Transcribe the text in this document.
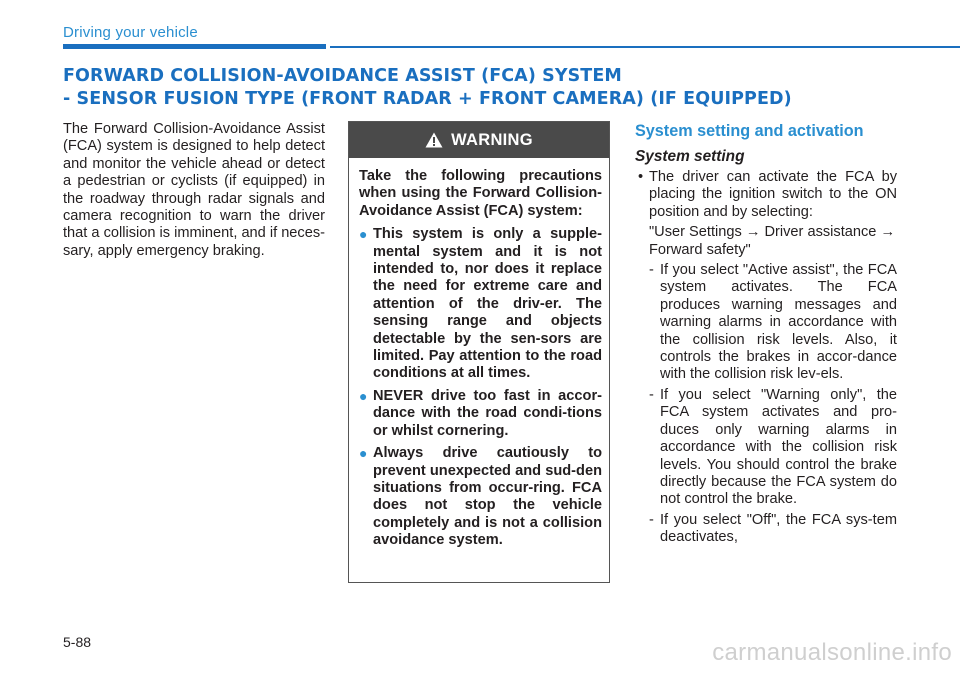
Driving your vehicle
FORWARD COLLISION-AVOIDANCE ASSIST (FCA) SYSTEM
- SENSOR FUSION TYPE (FRONT RADAR + FRONT CAMERA) (IF EQUIPPED)

The Forward Collision-Avoidance Assist (FCA) system is designed to help detect and monitor the vehicle ahead or detect a pedestrian or cyclists (if equipped) in the roadway through radar signals and camera recognition to warn the driver that a collision is imminent, and if neces-sary, apply emergency braking.

WARNING

Take the following precautions when using the Forward Collision-Avoidance Assist (FCA) system:

● This system is only a supple-mental system and it is not intended to, nor does it replace the need for extreme care and attention of the driv-er. The sensing range and objects detectable by the sen-sors are limited. Pay attention to the road conditions at all times.
● NEVER drive too fast in accor-dance with the road condi-tions or whilst cornering.
● Always drive cautiously to prevent unexpected and sud-den situations from occur-ring. FCA does not stop the vehicle completely and is not a collision avoidance system.
System setting and activation
System setting
• The driver can activate the FCA by placing the ignition switch to the ON position and by selecting:
"User Settings → Driver assistance → Forward safety"
- If you select "Active assist", the FCA system activates. The FCA produces warning messages and warning alarms in accordance with the collision risk levels. Also, it controls the brakes in accor-dance with the collision risk lev-els.
- If you select "Warning only", the FCA system activates and pro-duces only warning alarms in accordance with the collision risk levels. You should control the brake directly because the FCA system do not control the brake.
- If you select "Off", the FCA sys-tem deactivates,
5-88	carmanualsonline.info
